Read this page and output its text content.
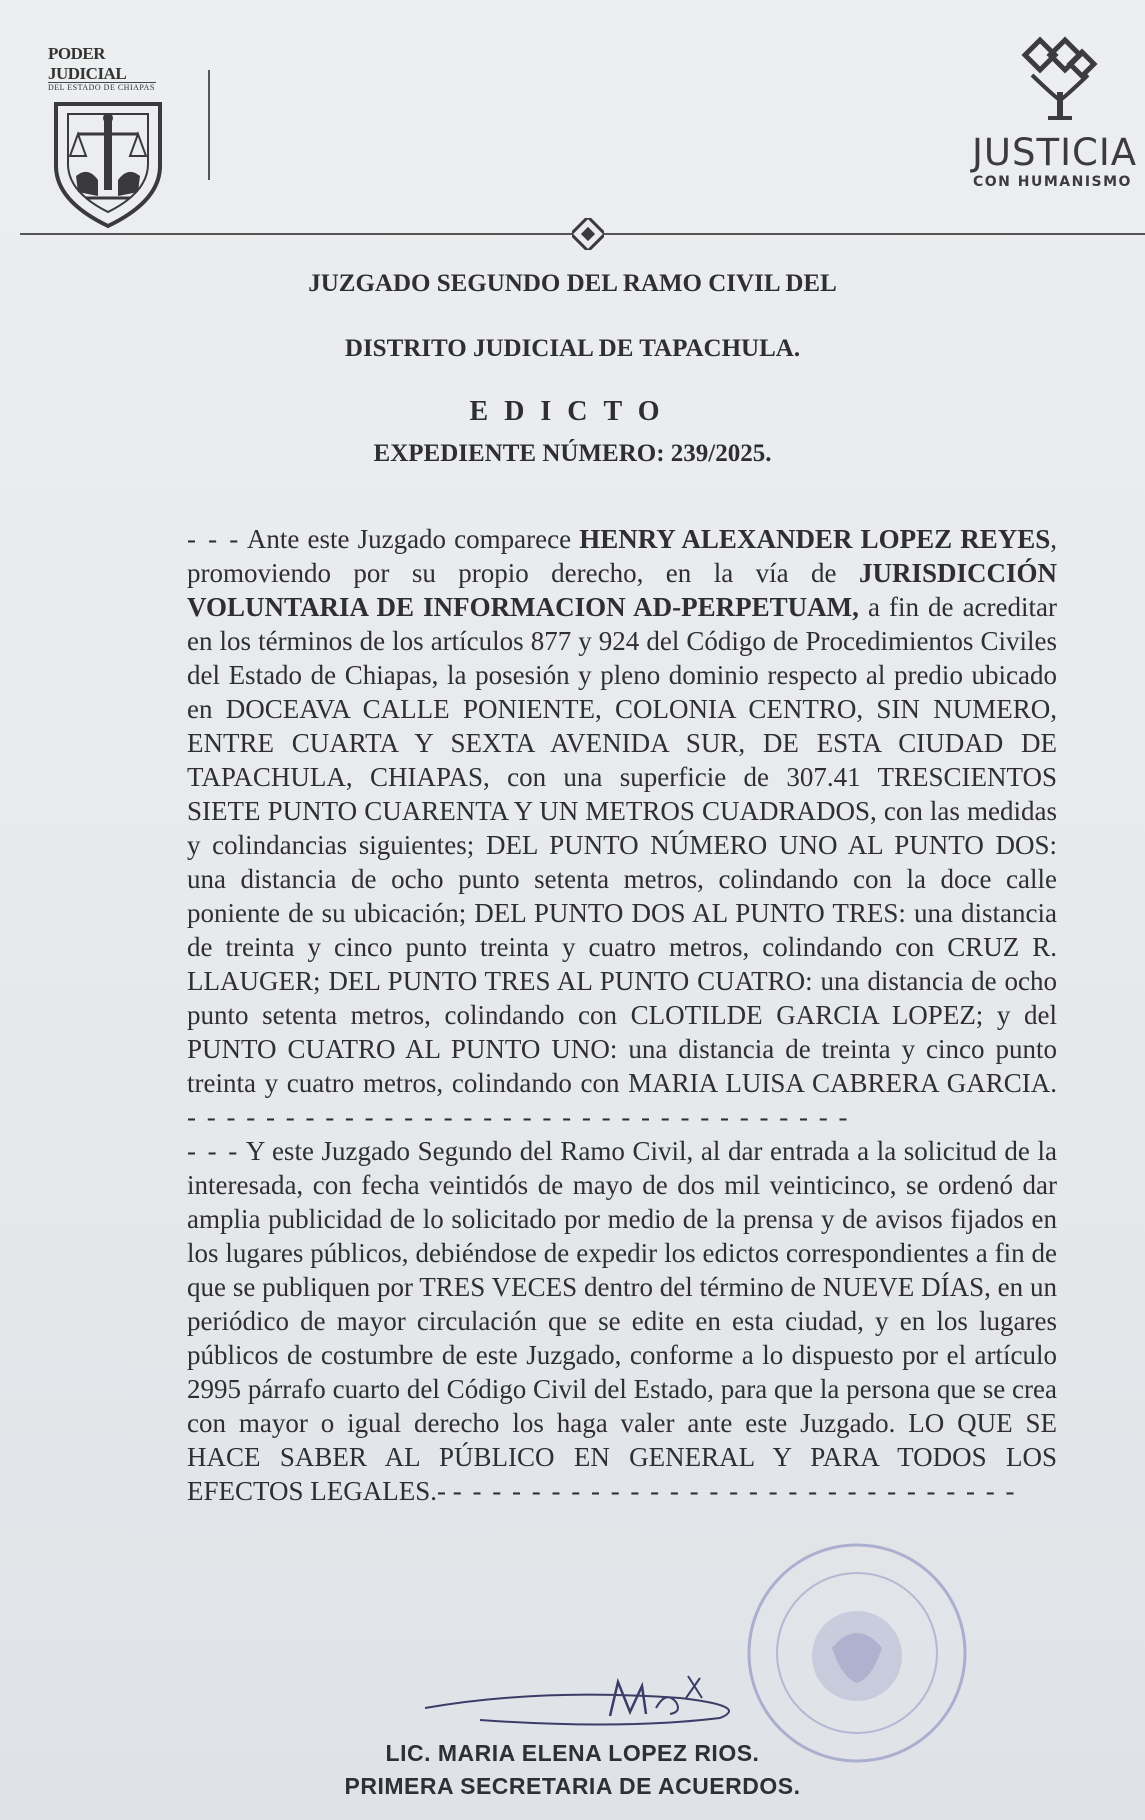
PODER JUDICIAL
DEL ESTADO DE CHIAPAS
JUSTICIA
CON HUMANISMO
JUZGADO SEGUNDO DEL RAMO CIVIL DEL
DISTRITO JUDICIAL DE TAPACHULA.
EDICTO
EXPEDIENTE NÚMERO: 239/2025.

- - - Ante este Juzgado comparece HENRY ALEXANDER LOPEZ REYES, promoviendo por su propio derecho, en la vía de JURISDICCIÓN VOLUNTARIA DE INFORMACION AD-PERPETUAM, a fin de acreditar en los términos de los artículos 877 y 924 del Código de Procedimientos Civiles del Estado de Chiapas, la posesión y pleno dominio respecto al predio ubicado en DOCEAVA CALLE PONIENTE, COLONIA CENTRO, SIN NUMERO, ENTRE CUARTA Y SEXTA AVENIDA SUR, DE ESTA CIUDAD DE TAPACHULA, CHIAPAS, con una superficie de 307.41 TRESCIENTOS SIETE PUNTO CUARENTA Y UN METROS CUADRADOS, con las medidas y colindancias siguientes; DEL PUNTO NÚMERO UNO AL PUNTO DOS: una distancia de ocho punto setenta metros, colindando con la doce calle poniente de su ubicación; DEL PUNTO DOS AL PUNTO TRES: una distancia de treinta y cinco punto treinta y cuatro metros, colindando con CRUZ R. LLAUGER; DEL PUNTO TRES AL PUNTO CUATRO: una distancia de ocho punto setenta metros, colindando con CLOTILDE GARCIA LOPEZ; y del PUNTO CUATRO AL PUNTO UNO: una distancia de treinta y cinco punto treinta y cuatro metros, colindando con MARIA LUISA CABRERA GARCIA. - - - - - - - - - - - - - - - - - - - - - - - - - - - - - - - - - -

- - - Y este Juzgado Segundo del Ramo Civil, al dar entrada a la solicitud de la interesada, con fecha veintidós de mayo de dos mil veinticinco, se ordenó dar amplia publicidad de lo solicitado por medio de la prensa y de avisos fijados en los lugares públicos, debiéndose de expedir los edictos correspondientes a fin de que se publiquen por TRES VECES dentro del término de NUEVE DÍAS, en un periódico de mayor circulación que se edite en esta ciudad, y en los lugares públicos de costumbre de este Juzgado, conforme a lo dispuesto por el artículo 2995 párrafo cuarto del Código Civil del Estado, para que la persona que se crea con mayor o igual derecho los haga valer ante este Juzgado. LO QUE SE HACE SABER AL PÚBLICO EN GENERAL Y PARA TODOS LOS EFECTOS LEGALES.- - - - - - - - - - - - - - - - - - - - - - - - - - - - - -

LIC. MARIA ELENA LOPEZ RIOS.
PRIMERA SECRETARIA DE ACUERDOS.
